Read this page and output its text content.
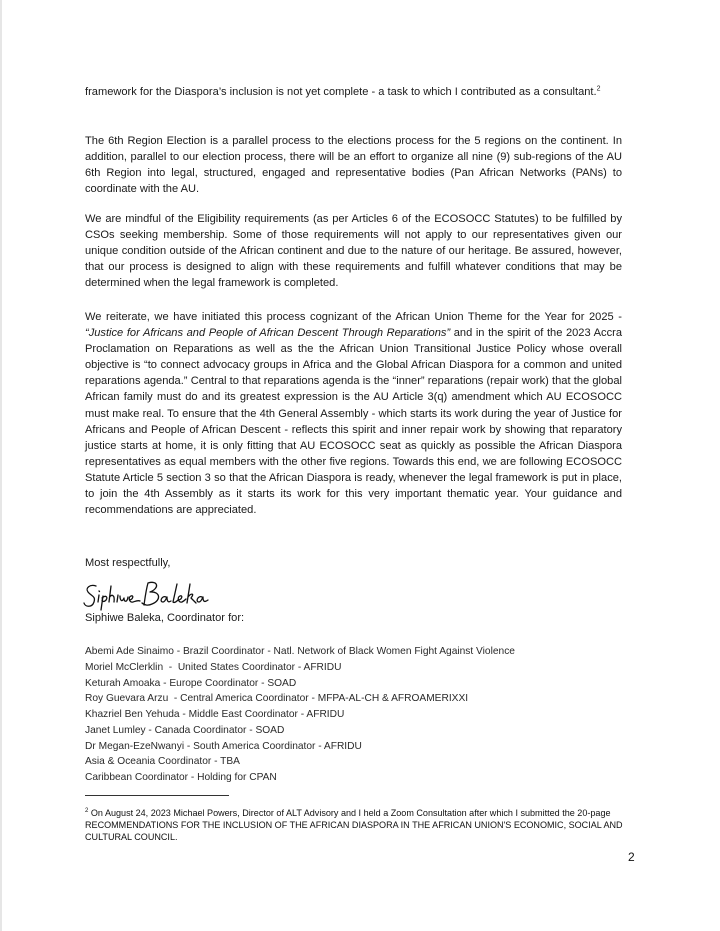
framework for the Diaspora’s inclusion is not yet complete - a task to which I contributed as a consultant.$^2$

The 6th Region Election is a parallel process to the elections process for the 5 regions on the continent. In addition, parallel to our election process, there will be an effort to organize all nine (9) sub-regions of the AU 6th Region into legal, structured, engaged and representative bodies (Pan African Networks (PANs) to coordinate with the AU.

We are mindful of the Eligibility requirements (as per Articles 6 of the ECOSOCC Statutes) to be fulfilled by CSOs seeking membership. Some of those requirements will not apply to our representatives given our unique condition outside of the African continent and due to the nature of our heritage. Be assured, however, that our process is designed to align with these requirements and fulfill whatever conditions that may be determined when the legal framework is completed.

We reiterate, we have initiated this process cognizant of the African Union Theme for the Year for 2025 - “Justice for Africans and People of African Descent Through Reparations” and in the spirit of the 2023 Accra Proclamation on Reparations as well as the the African Union Transitional Justice Policy whose overall objective is “to connect advocacy groups in Africa and the Global African Diaspora for a common and united reparations agenda.” Central to that reparations agenda is the “inner” reparations (repair work) that the global African family must do and its greatest expression is the AU Article 3(q) amendment which AU ECOSOCC must make real. To ensure that the 4th General Assembly - which starts its work during the year of Justice for Africans and People of African Descent - reflects this spirit and inner repair work by showing that reparatory justice starts at home, it is only fitting that AU ECOSOCC seat as quickly as possible the African Diaspora representatives as equal members with the other five regions. Towards this end, we are following ECOSOCC Statute Article 5 section 3 so that the African Diaspora is ready, whenever the legal framework is put in place, to join the 4th Assembly as it starts its work for this very important thematic year. Your guidance and recommendations are appreciated.

Most respectfully,

Siphiwe Baleka, Coordinator for:

Abemi Ade Sinaimo - Brazil Coordinator - Natl. Network of Black Women Fight Against Violence
Moriel McClerklin  -  United States Coordinator - AFRIDU
Keturah Amoaka - Europe Coordinator - SOAD
Roy Guevara Arzu  - Central America Coordinator - MFPA-AL-CH & AFROAMERIXXI
Khazriel Ben Yehuda - Middle East Coordinator - AFRIDU
Janet Lumley - Canada Coordinator - SOAD
Dr Megan-EzeNwanyi - South America Coordinator - AFRIDU
Asia & Oceania Coordinator - TBA
Caribbean Coordinator - Holding for CPAN
$^2$ On August 24, 2023 Michael Powers, Director of ALT Advisory and I held a Zoom Consultation after which I submitted the 20-page RECOMMENDATIONS FOR THE INCLUSION OF THE AFRICAN DIASPORA IN THE AFRICAN UNION'S ECONOMIC, SOCIAL AND CULTURAL COUNCIL.
2
